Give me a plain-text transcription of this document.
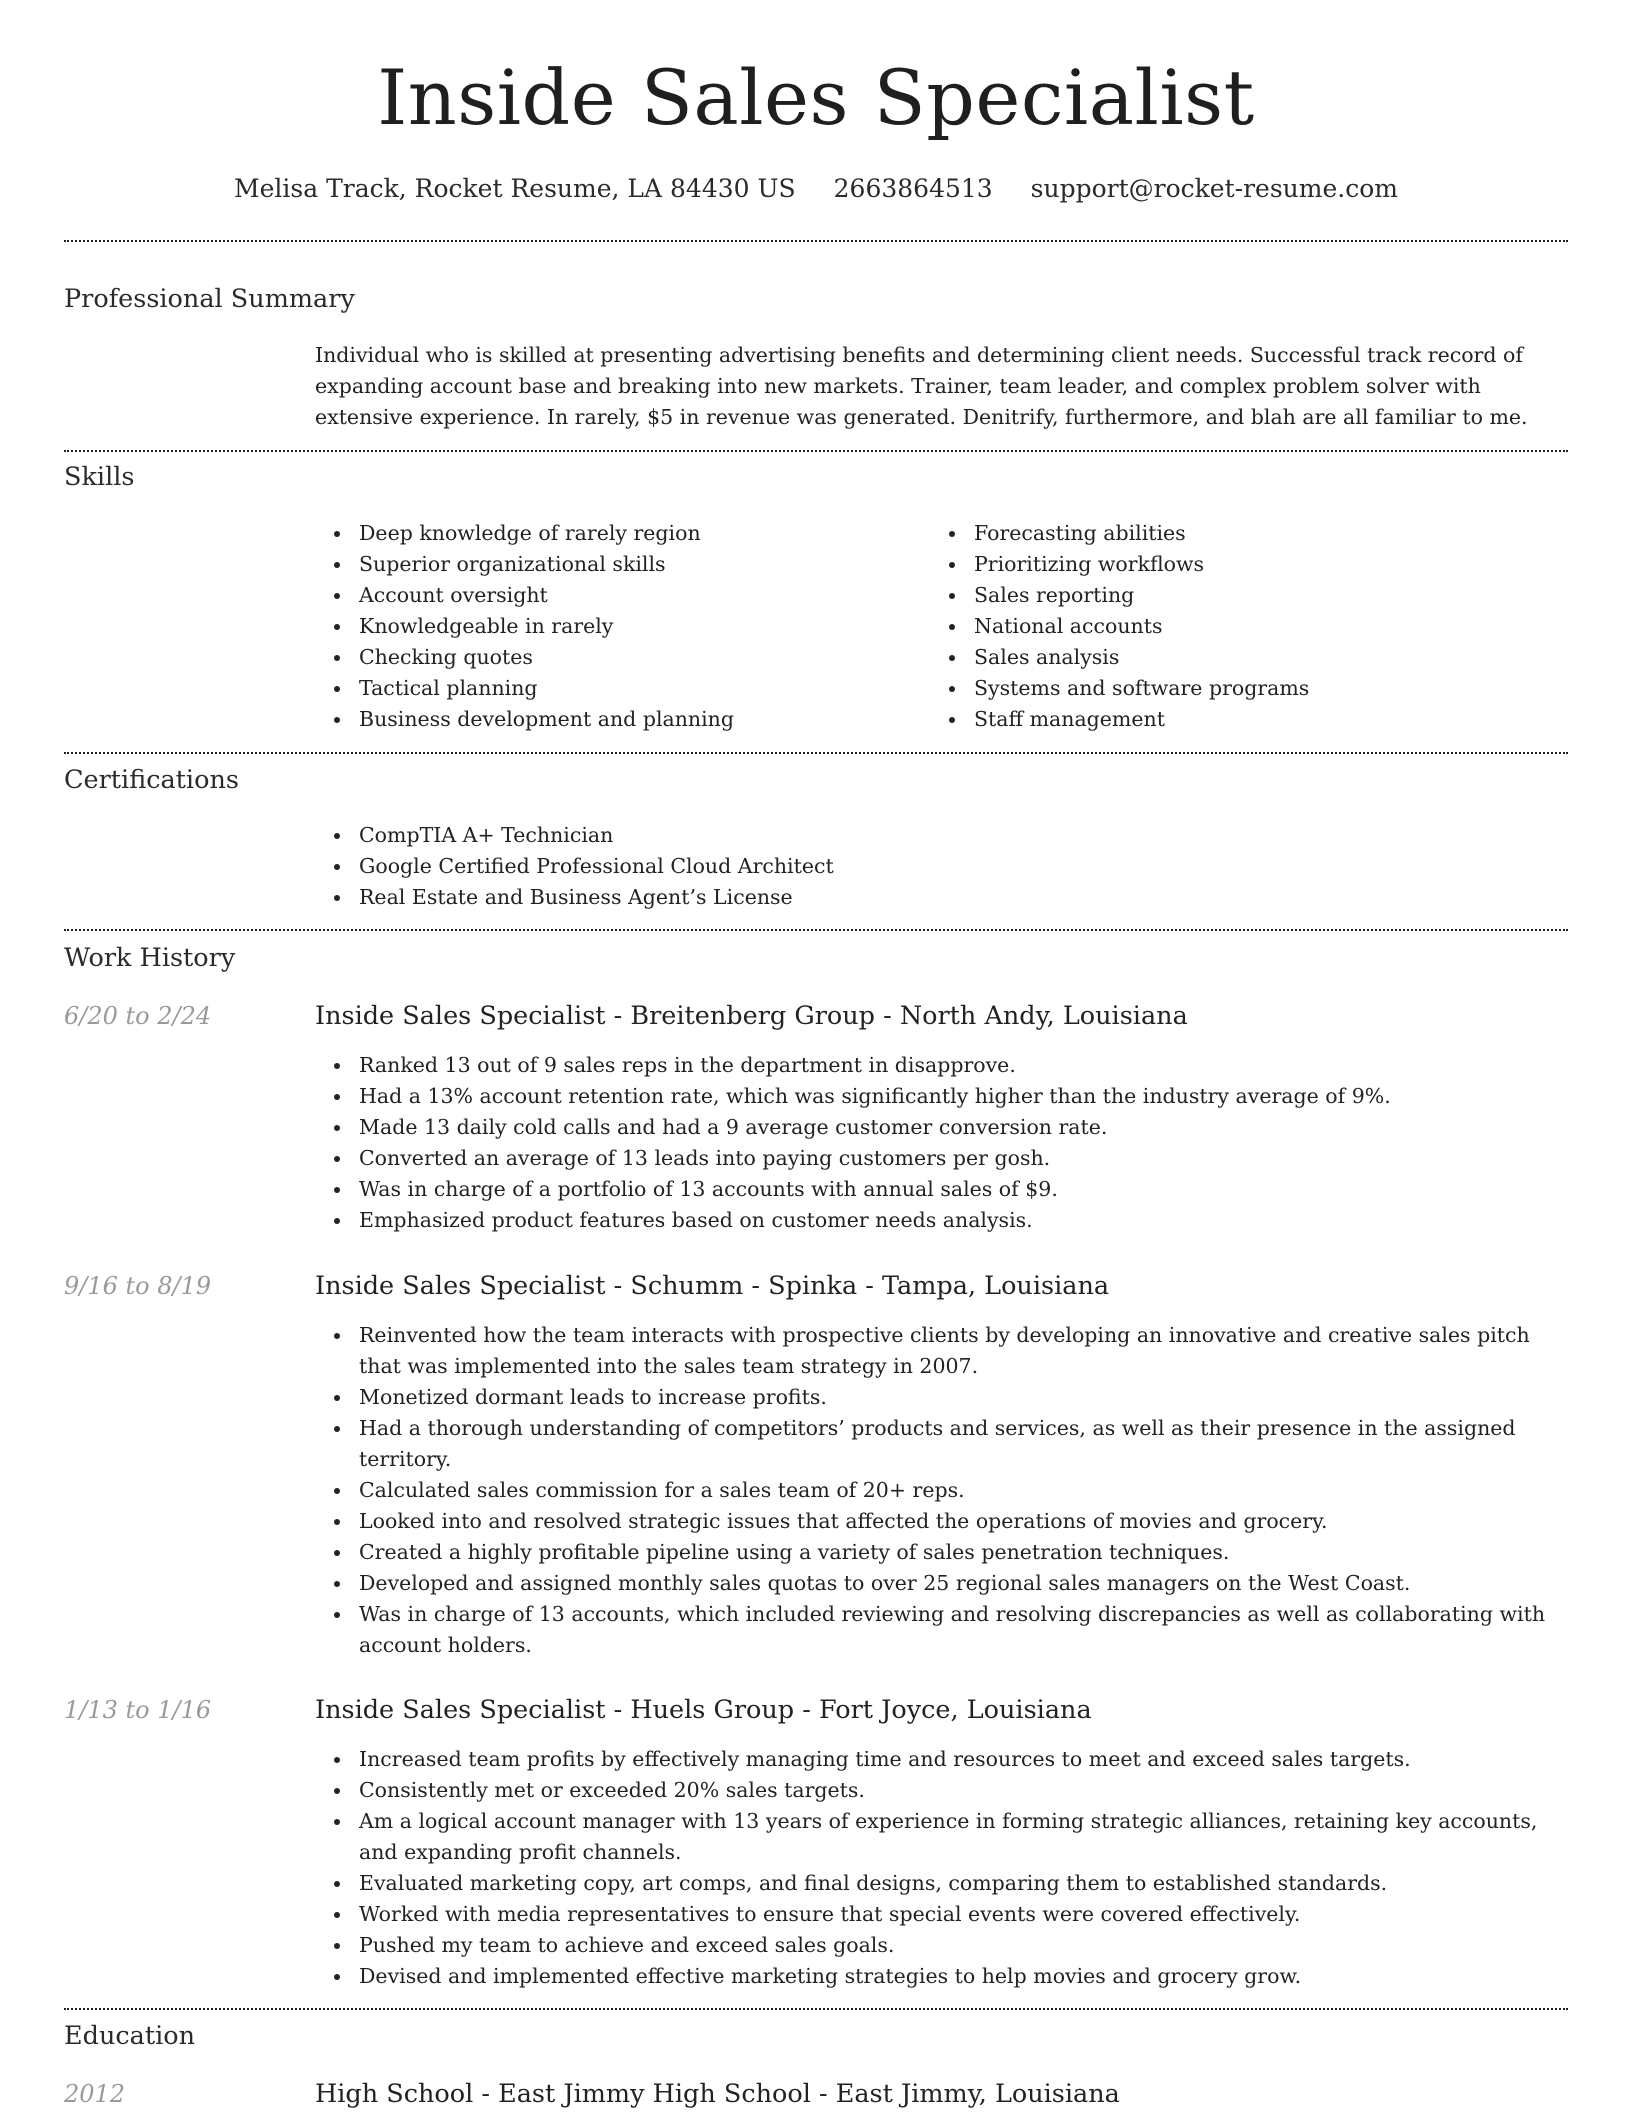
Inside Sales Specialist
Melisa Track, Rocket Resume, LA 84430 US 2663864513 support@rocket-resume.com
Professional Summary

Individual who is skilled at presenting advertising benefits and determining client needs. Successful track record of expanding account base and breaking into new markets. Trainer, team leader, and complex problem solver with extensive experience. In rarely, $5 in revenue was generated. Denitrify, furthermore, and blah are all familiar to me.

Skills
Deep knowledge of rarely region
Superior organizational skills
Account oversight
Knowledgeable in rarely
Checking quotes
Tactical planning
Business development and planning
Forecasting abilities
Prioritizing workflows
Sales reporting
National accounts
Sales analysis
Systems and software programs
Staff management
Certifications
CompTIA A+ Technician
Google Certified Professional Cloud Architect
Real Estate and Business Agent’s License
Work History
6/20 to 2/24	Inside Sales Specialist - Breitenberg Group - North Andy, Louisiana
Ranked 13 out of 9 sales reps in the department in disapprove.
Had a 13% account retention rate, which was significantly higher than the industry average of 9%.
Made 13 daily cold calls and had a 9 average customer conversion rate.
Converted an average of 13 leads into paying customers per gosh.
Was in charge of a portfolio of 13 accounts with annual sales of $9.
Emphasized product features based on customer needs analysis.
9/16 to 8/19	Inside Sales Specialist - Schumm - Spinka - Tampa, Louisiana
Reinvented how the team interacts with prospective clients by developing an innovative and creative sales pitch that was implemented into the sales team strategy in 2007.
Monetized dormant leads to increase profits.
Had a thorough understanding of competitors’ products and services, as well as their presence in the assigned territory.
Calculated sales commission for a sales team of 20+ reps.
Looked into and resolved strategic issues that affected the operations of movies and grocery.
Created a highly profitable pipeline using a variety of sales penetration techniques.
Developed and assigned monthly sales quotas to over 25 regional sales managers on the West Coast.
Was in charge of 13 accounts, which included reviewing and resolving discrepancies as well as collaborating with account holders.
1/13 to 1/16	Inside Sales Specialist - Huels Group - Fort Joyce, Louisiana
Increased team profits by effectively managing time and resources to meet and exceed sales targets.
Consistently met or exceeded 20% sales targets.
Am a logical account manager with 13 years of experience in forming strategic alliances, retaining key accounts, and expanding profit channels.
Evaluated marketing copy, art comps, and final designs, comparing them to established standards.
Worked with media representatives to ensure that special events were covered effectively.
Pushed my team to achieve and exceed sales goals.
Devised and implemented effective marketing strategies to help movies and grocery grow.
Education
2012	High School - East Jimmy High School - East Jimmy, Louisiana
